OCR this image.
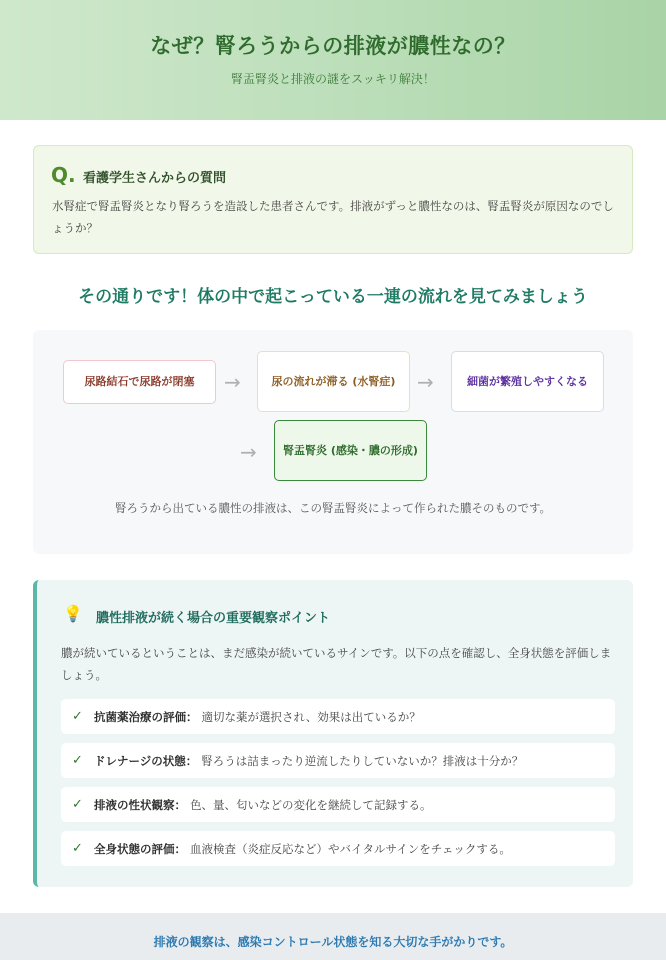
なぜ？腎ろうからの排液が膿性なの？
腎盂腎炎と排液の謎をスッキリ解決！
Q. 看護学生さんからの質問
水腎症で腎盂腎炎となり腎ろうを造設した患者さんです。排液がずっと膿性なのは、腎盂腎炎が原因なのでしょうか？
その通りです！体の中で起こっている一連の流れを見てみましょう
尿路結石で尿路が閉塞	→	尿の流れが滞る (水腎症)	→	細菌が繁殖しやすくなる
→	腎盂腎炎 (感染・膿の形成)
腎ろうから出ている膿性の排液は、この腎盂腎炎によって作られた膿そのものです。
💡 膿性排液が続く場合の重要観察ポイント
膿が続いているということは、まだ感染が続いているサインです。以下の点を確認し、全身状態を評価しましょう。
✓ 抗菌薬治療の評価： 適切な薬が選択され、効果は出ているか？
✓ ドレナージの状態： 腎ろうは詰まったり逆流したりしていないか？排液は十分か？
✓ 排液の性状観察： 色、量、匂いなどの変化を継続して記録する。
✓ 全身状態の評価： 血液検査（炎症反応など）やバイタルサインをチェックする。
排液の観察は、感染コントロール状態を知る大切な手がかりです。
